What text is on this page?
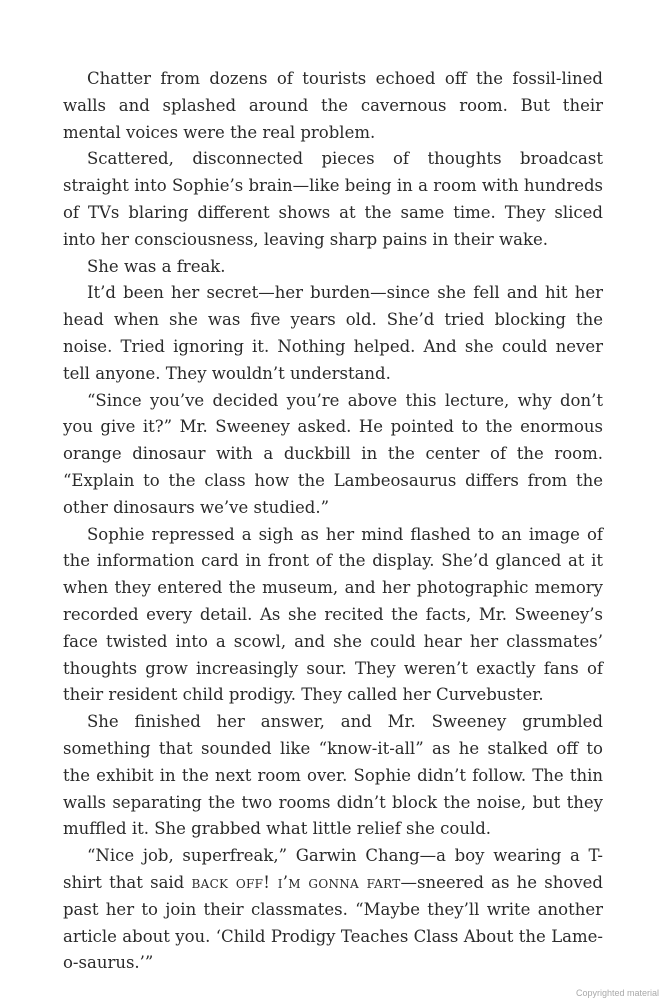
Chatter from dozens of tourists echoed off the fossil-lined walls and splashed around the cavernous room. But their mental voices were the real problem.

Scattered, disconnected pieces of thoughts broadcast straight into Sophie’s brain—like being in a room with hundreds of TVs blaring different shows at the same time. They sliced into her consciousness, leaving sharp pains in their wake.

She was a freak.

It’d been her secret—her burden—since she fell and hit her head when she was five years old. She’d tried blocking the noise. Tried ignoring it. Nothing helped. And she could never tell anyone. They wouldn’t understand.

“Since you’ve decided you’re above this lecture, why don’t you give it?” Mr. Sweeney asked. He pointed to the enormous orange dinosaur with a duckbill in the center of the room. “Explain to the class how the Lambeosaurus differs from the other dinosaurs we’ve studied.”

Sophie repressed a sigh as her mind flashed to an image of the information card in front of the display. She’d glanced at it when they entered the museum, and her photographic memory recorded every detail. As she recited the facts, Mr. Sweeney’s face twisted into a scowl, and she could hear her classmates’ thoughts grow increasingly sour. They weren’t exactly fans of their resident child prodigy. They called her Curvebuster.

She finished her answer, and Mr. Sweeney grumbled something that sounded like “know-it-all” as he stalked off to the exhibit in the next room over. Sophie didn’t follow. The thin walls separating the two rooms didn’t block the noise, but they muffled it. She grabbed what little relief she could.

“Nice job, superfreak,” Garwin Chang—a boy wearing a T-shirt that said back off! i’m gonna fart—sneered as he shoved past her to join their classmates. “Maybe they’ll write another article about you. ‘Child Prodigy Teaches Class About the Lame-o-saurus.’”

Copyrighted material
